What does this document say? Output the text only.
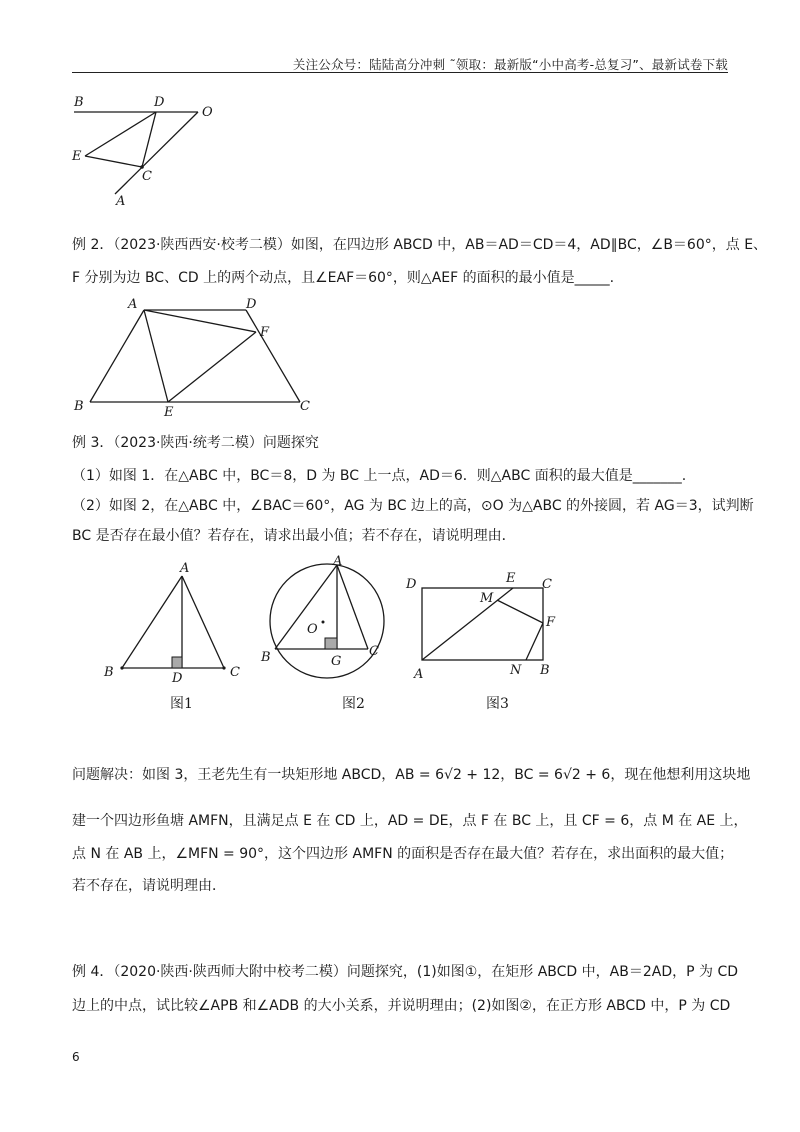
关注公众号：陆陆高分冲刺 ˜领取：最新版“小中高考-总复习”、最新试卷下载
B	D
O
E
C
A
例 2．（2023·陕西西安·校考二模）如图，在四边形 ABCD 中，AB＝AD＝CD＝4，AD∥BC，∠B＝60°，点 E、
F 分别为边 BC、CD 上的两个动点，且∠EAF＝60°，则△AEF 的面积的最小值是_____.
A	D
F
B	E	C
例 3．（2023·陕西·统考二模）问题探究
（1）如图 1．在△ABC 中，BC＝8，D 为 BC 上一点，AD＝6．则△ABC 面积的最大值是_______.
（2）如图 2，在△ABC 中，∠BAC＝60°，AG 为 BC 边上的高，⊙O 为△ABC 的外接圆，若 AG＝3，试判断
BC 是否存在最小值？若存在，请求出最小值；若不存在，请说明理由．
A
B	D	C
图1
A
O
B	G
C
图2
D	E C
M
F
A	N B
图3
问题解决：如图 3，王老先生有一块矩形地 ABCD，AB = 6√2 + 12，BC = 6√2 + 6，现在他想利用这块地
建一个四边形鱼塘 AMFN，且满足点 E 在 CD 上，AD = DE，点 F 在 BC 上，且 CF = 6，点 M 在 AE 上，
点 N 在 AB 上，∠MFN = 90°，这个四边形 AMFN 的面积是否存在最大值？若存在，求出面积的最大值；
若不存在，请说明理由．
例 4．（2020·陕西·陕西师大附中校考二模）问题探究，(1)如图①，在矩形 ABCD 中，AB＝2AD，P 为 CD
边上的中点，试比较∠APB 和∠ADB 的大小关系，并说明理由；(2)如图②，在正方形 ABCD 中，P 为 CD
6
